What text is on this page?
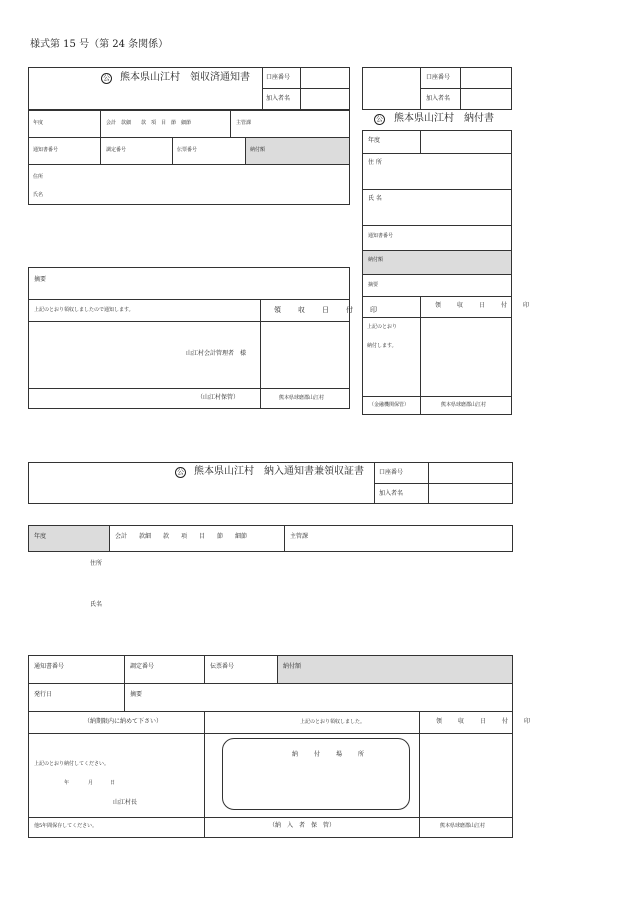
様式第 15 号（第 24 条関係）
公 熊本県山江村　領収済通知書	口座番号
加入者名
年度	会計　款細　　款　項　目　節　細節	主管課
通知書番号	調定番号	伝票番号	納付額
住所
氏名
摘要
上記のとおり領収しましたので通知します。	領　収　日　付　印
山江村会計管理者　様
（山江村保管）	熊本県球磨郡山江村
口座番号
加入者名
公 熊本県山江村　納付書
年度
住 所
氏 名
通知書番号
納付額
摘要
領　収　日　付　印
上記のとおり
納付します。
（金融機関保管）	熊本県球磨郡山江村
公 熊本県山江村　納入通知書兼領収証書	口座番号
加入者名
年度	会計　　款細　　款　　項　　目　　節　　細節	主管課
住所
氏名
通知書番号	調定番号	伝票番号	納付額
発行日	摘要
（納期限内に納めて下さい）	上記のとおり領収しました。	領　収　日　付　印
上記のとおり納付してください。
年	月	日
山江村長
納　付　場　所
他5年間保存してください。	（納　入　者　保　管）	熊本県球磨郡山江村
